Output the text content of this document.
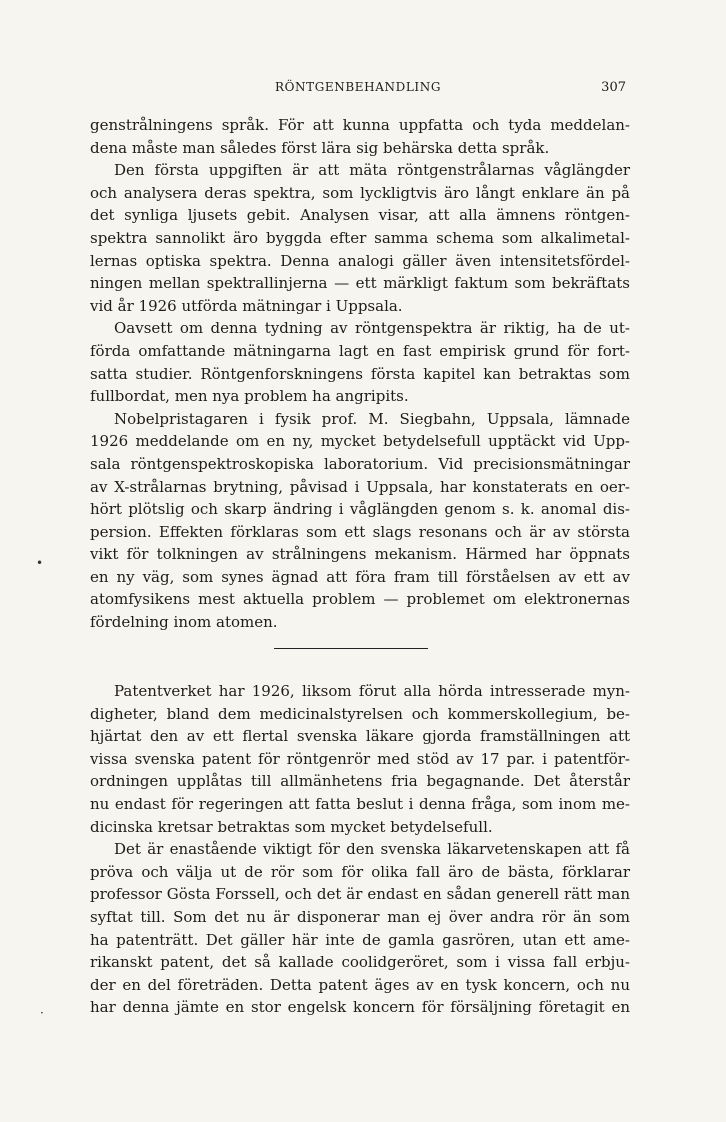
RÖNTGENBEHANDLING	307
genstrålningens språk. För att kunna uppfatta och tyda meddelan-
dena måste man således först lära sig behärska detta språk.
Den första uppgiften är att mäta röntgenstrålarnas våglängder
och analysera deras spektra, som lyckligtvis äro långt enklare än på
det synliga ljusets gebit. Analysen visar, att alla ämnens röntgen-
spektra sannolikt äro byggda efter samma schema som alkalimetal-
lernas optiska spektra. Denna analogi gäller även intensitetsfördel-
ningen mellan spektrallinjerna — ett märkligt faktum som bekräftats
vid år 1926 utförda mätningar i Uppsala.
Oavsett om denna tydning av röntgenspektra är riktig, ha de ut-
förda omfattande mätningarna lagt en fast empirisk grund för fort-
satta studier. Röntgenforskningens första kapitel kan betraktas som
fullbordat, men nya problem ha angripits.
Nobelpristagaren i fysik prof. M. Siegbahn, Uppsala, lämnade
1926 meddelande om en ny, mycket betydelsefull upptäckt vid Upp-
sala röntgenspektroskopiska laboratorium. Vid precisionsmätningar
av X-strålarnas brytning, påvisad i Uppsala, har konstaterats en oer-
hört plötslig och skarp ändring i våglängden genom s. k. anomal dis-
persion. Effekten förklaras som ett slags resonans och är av största
vikt för tolkningen av strålningens mekanism. Härmed har öppnats
en ny väg, som synes ägnad att föra fram till förståelsen av ett av
atomfysikens mest aktuella problem — problemet om elektronernas
fördelning inom atomen.
Patentverket har 1926, liksom förut alla hörda intresserade myn-
digheter, bland dem medicinalstyrelsen och kommerskollegium, be-
hjärtat den av ett flertal svenska läkare gjorda framställningen att
vissa svenska patent för röntgenrör med stöd av 17 par. i patentför-
ordningen upplåtas till allmänhetens fria begagnande. Det återstår
nu endast för regeringen att fatta beslut i denna fråga, som inom me-
dicinska kretsar betraktas som mycket betydelsefull.
Det är enastående viktigt för den svenska läkarvetenskapen att få
pröva och välja ut de rör som för olika fall äro de bästa, förklarar
professor Gösta Forssell, och det är endast en sådan generell rätt man
syftat till. Som det nu är disponerar man ej över andra rör än som
ha patenträtt. Det gäller här inte de gamla gasrören, utan ett ame-
rikanskt patent, det så kallade coolidgeröret, som i vissa fall erbju-
der en del företräden. Detta patent äges av en tysk koncern, och nu
har denna jämte en stor engelsk koncern för försäljning företagit en
•
·
